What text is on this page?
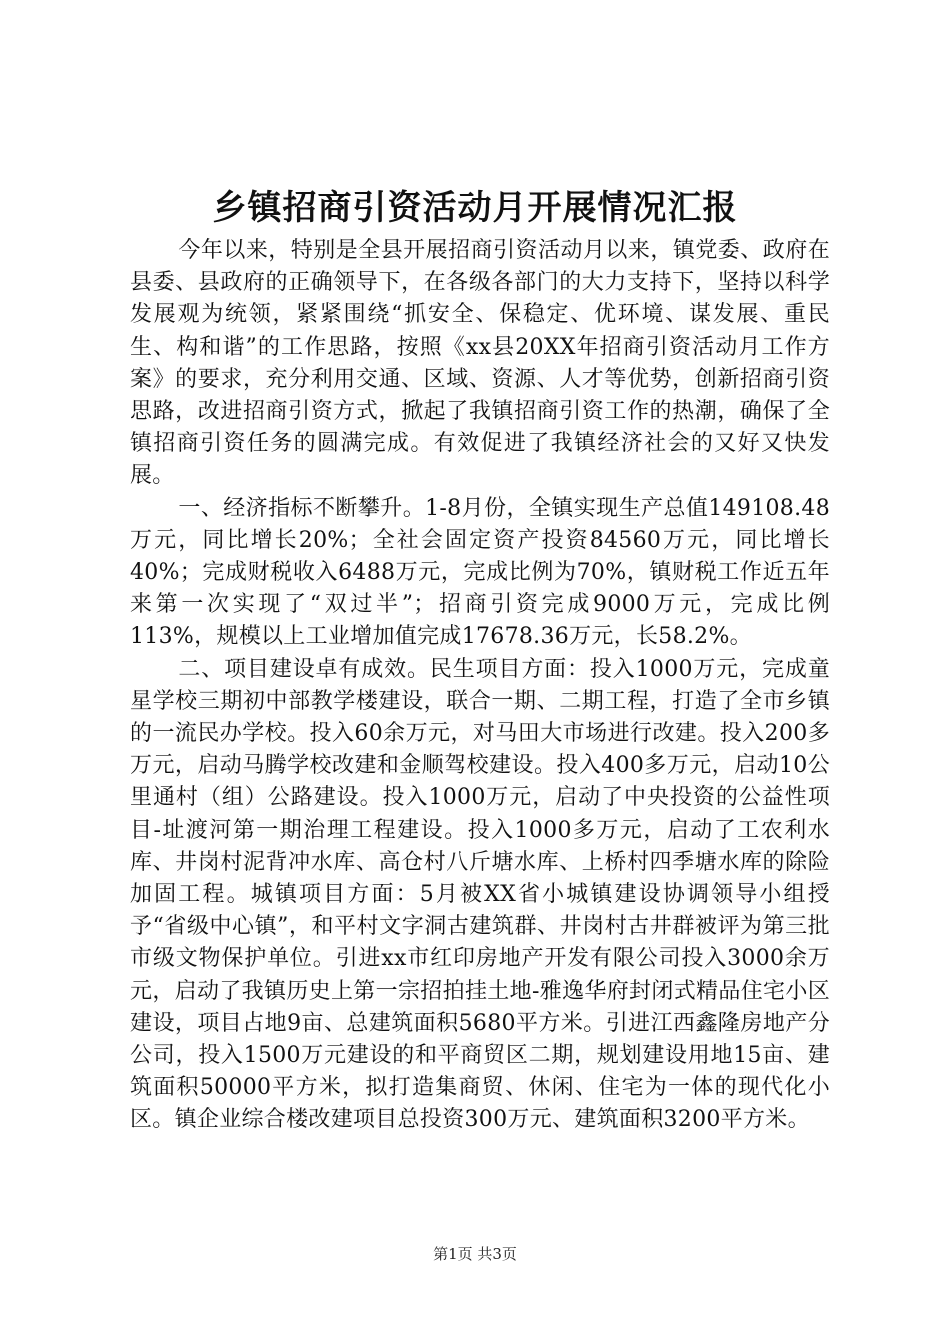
乡镇招商引资活动月开展情况汇报

今年以来，特别是全县开展招商引资活动月以来，镇党委、政府在县委、县政府的正确领导下，在各级各部门的大力支持下，坚持以科学发展观为统领，紧紧围绕“抓安全、保稳定、优环境、谋发展、重民生、构和谐”的工作思路，按照《xx县20XX年招商引资活动月工作方案》的要求，充分利用交通、区域、资源、人才等优势，创新招商引资思路，改进招商引资方式，掀起了我镇招商引资工作的热潮，确保了全镇招商引资任务的圆满完成。有效促进了我镇经济社会的又好又快发展。

一、经济指标不断攀升。1-8月份，全镇实现生产总值149108.48万元，同比增长20%；全社会固定资产投资84560万元，同比增长40%；完成财税收入6488万元，完成比例为70%，镇财税工作近五年来第一次实现了“双过半”；招商引资完成9000万元，完成比例113%，规模以上工业增加值完成17678.36万元，长58.2%。

二、项目建设卓有成效。民生项目方面：投入1000万元，完成童星学校三期初中部教学楼建设，联合一期、二期工程，打造了全市乡镇的一流民办学校。投入60余万元，对马田大市场进行改建。投入200多万元，启动马腾学校改建和金顺驾校建设。投入400多万元，启动10公里通村（组）公路建设。投入1000万元，启动了中央投资的公益性项目-址渡河第一期治理工程建设。投入1000多万元，启动了工农利水库、井岗村泥背冲水库、高仓村八斤塘水库、上桥村四季塘水库的除险加固工程。城镇项目方面：5月被XX省小城镇建设协调领导小组授予“省级中心镇”，和平村文字洞古建筑群、井岗村古井群被评为第三批市级文物保护单位。引进xx市红印房地产开发有限公司投入3000余万元，启动了我镇历史上第一宗招拍挂土地-雅逸华府封闭式精品住宅小区建设，项目占地9亩、总建筑面积5680平方米。引进江西鑫隆房地产分公司，投入1500万元建设的和平商贸区二期，规划建设用地15亩、建筑面积50000平方米，拟打造集商贸、休闲、住宅为一体的现代化小区。镇企业综合楼改建项目总投资300万元、建筑面积3200平方米。

第1页 共3页
